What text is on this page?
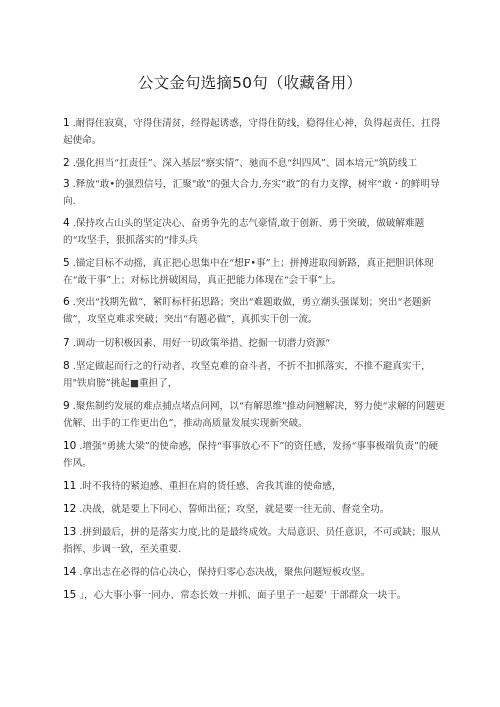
公文金句选摘50句（收藏备用）

1 .耐得住寂寞，守得住清贫，经得起诱惑，守得住防线，稳得住心神，负得起责任、扛得起使命。

2 .强化担当“扛责任”、深入基层“察实情”、驰而不息“纠四风”、固本培元“筑防线工

3 .释放“敢•的强烈信号，汇聚"敢”的强大合力,夯实“敢”的有力支撑，树牢“敢・的鲜明导向.

4 .保持攻占山头的坚定决心、奋勇争先的志气豪情,敢于创新、勇于突破，做破解难题的“攻坚手，狠抓落实的“排头兵

5 .锚定目标不动摇，真正把心思集中在“想F•事”上；拼搏进取闯新路，真正把胆识体现在“敢干事”上；对标比拼破困局，真正把能力体现在“会干事”上。

6 .突出“找期先做”，紧盯标杆拓思路；突出“难题敢做，勇立潮头强谋划；突出“老题新做”，攻坚克难求突破；突出“有题必做”，真抓实干创一流。

7 .调动一切积极因素、用好一切政策举措、挖掘一切潜力资源“

8 .坚定做起而行之的行动者、攻坚克难的奋斗者，不折不扣抓落实，不推不避真实干，用"铁肩膀”挑起■重担了，

9 .聚焦制约发展的难点捕点堵点问网，以“有解思维"推动问翘解决，努力使“求解的问题更优解、出手的工作更出色”，推动高质量发展实现新突破。

10 .增强“勇挑大梁”的使命感，保持“事事放心不下”的资任感，发扬“事事极端负责”的硬作风。

11 .时不我待的紧迫感、重担在肩的货任感、舍我其谁的使命感，

12 .决战，就是要上下同心、誓师出征；攻坚，就是要一往无前、督竞全功。

13 .拼到最后，拼的是落实力度,比的是最终成效。大局意识、员任意识，不可或缺；服从指挥、步调一致，至关重要.

14 .拿出志在必得的信心决心，保持归零心态决战，聚焦问题短板攻坚。

15 」，心大事小事一同办、常态长效一并抓、面子里子一起要' 干部群众一块干。
